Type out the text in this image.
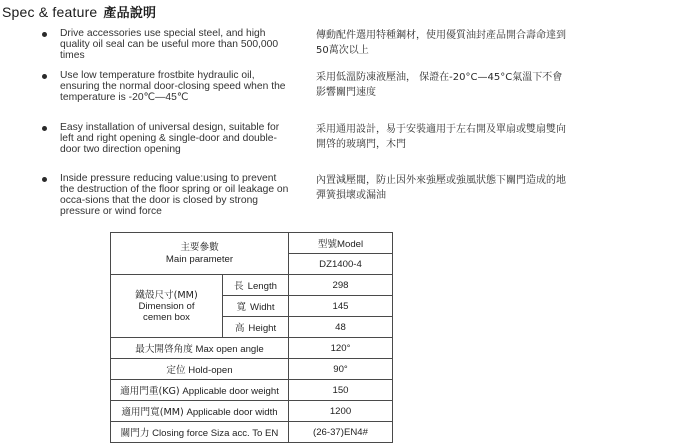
Spec & feature 產品說明
Drive accessories use special steel, and high quality oil seal can be useful more than 500,000 times
傳動配件選用特種鋼材，使用優質油封產品開合壽命達到50萬次以上
Use low temperature frostbite hydraulic oil, ensuring the normal door-closing speed when the temperature is -20℃—45℃
采用低溫防凍液壓油， 保證在-20°C—45°C氣溫下不會影響關門速度
Easy installation of universal design, suitable for left and right opening & single-door and double-door two direction opening
采用通用設計，易于安裝適用于左右開及單扇或雙扇雙向開啓的玻璃門，木門
Inside pressure reducing value:using to prevent the destruction of the floor spring or oil leakage on occa-sions that the door is closed by strong pressure or wind force
內置減壓閥，防止因外來強壓或強風狀態下關門造成的地彈簧損壞或漏油
主要參數
Main parameter		型號Model
		DZ1400-4

鐵殻尺寸(MM)
Dimension of
cemen box	長 Length	298
	寬 Widht	145
	高 Height	48
最大開啓角度 Max open angle		120°
定位 Hold-open		90°
適用門重(KG) Applicable door weight		150
適用門寬(MM) Applicable door width		1200
關門力 Closing force Siza acc. To EN		(26-37)EN4#
